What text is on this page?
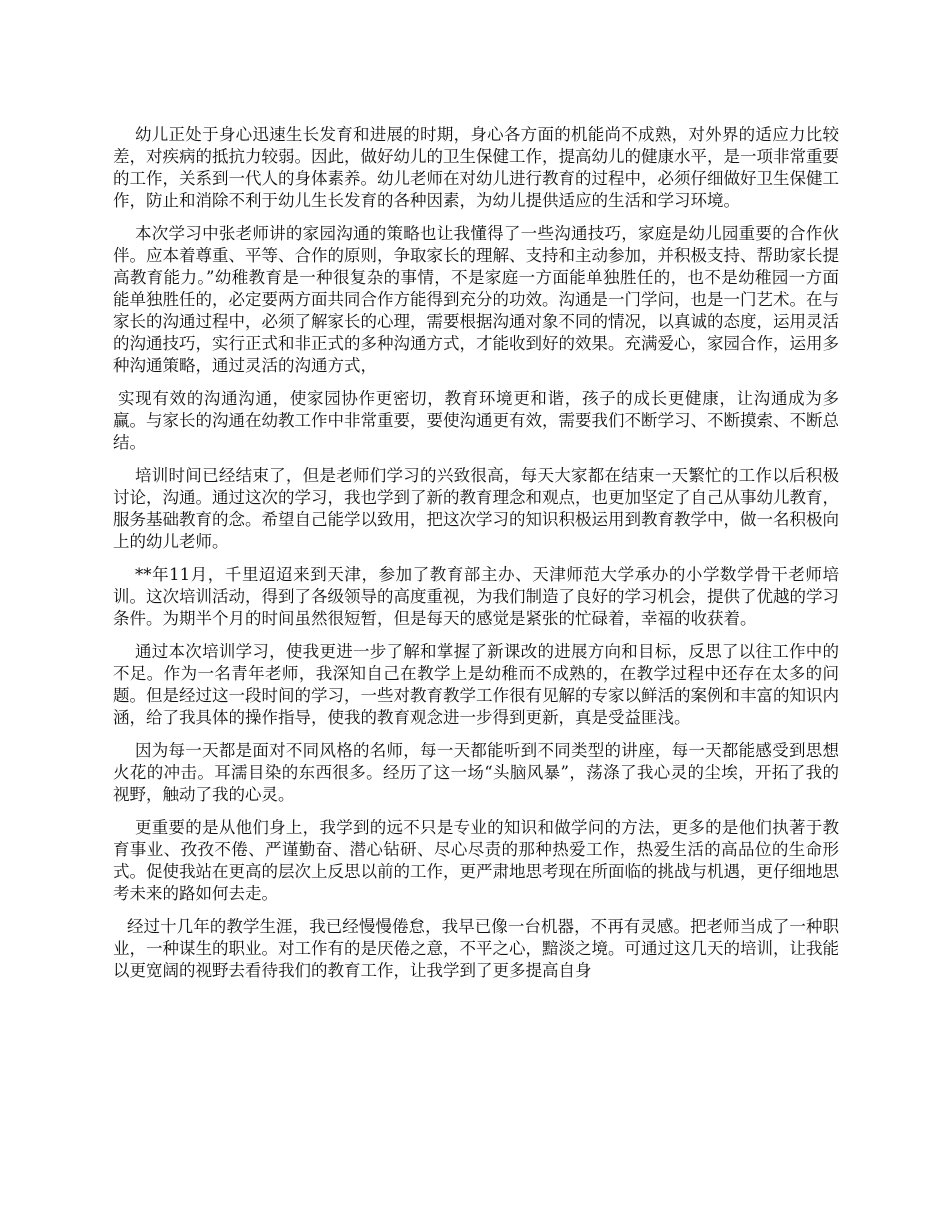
幼儿正处于身心迅速生长发育和进展的时期，身心各方面的机能尚不成熟，对外界的适应力比较差，对疾病的抵抗力较弱。因此，做好幼儿的卫生保健工作，提高幼儿的健康水平，是一项非常重要的工作，关系到一代人的身体素养。幼儿老师在对幼儿进行教育的过程中，必须仔细做好卫生保健工作，防止和消除不利于幼儿生长发育的各种因素，为幼儿提供适应的生活和学习环境。

本次学习中张老师讲的家园沟通的策略也让我懂得了一些沟通技巧，家庭是幼儿园重要的合作伙伴。应本着尊重、平等、合作的原则，争取家长的理解、支持和主动参加，并积极支持、帮助家长提高教育能力。”幼稚教育是一种很复杂的事情，不是家庭一方面能单独胜任的，也不是幼稚园一方面能单独胜任的，必定要两方面共同合作方能得到充分的功效。沟通是一门学问，也是一门艺术。在与家长的沟通过程中，必须了解家长的心理，需要根据沟通对象不同的情况，以真诚的态度，运用灵活的沟通技巧，实行正式和非正式的多种沟通方式，才能收到好的效果。充满爱心，家园合作，运用多种沟通策略，通过灵活的沟通方式，

实现有效的沟通沟通，使家园协作更密切，教育环境更和谐，孩子的成长更健康，让沟通成为多赢。与家长的沟通在幼教工作中非常重要，要使沟通更有效，需要我们不断学习、不断摸索、不断总结。

培训时间已经结束了，但是老师们学习的兴致很高，每天大家都在结束一天繁忙的工作以后积极讨论，沟通。通过这次的学习，我也学到了新的教育理念和观点，也更加坚定了自己从事幼儿教育，服务基础教育的念。希望自己能学以致用，把这次学习的知识积极运用到教育教学中，做一名积极向上的幼儿老师。

**年11月，千里迢迢来到天津，参加了教育部主办、天津师范大学承办的小学数学骨干老师培训。这次培训活动，得到了各级领导的高度重视，为我们制造了良好的学习机会，提供了优越的学习条件。为期半个月的时间虽然很短暂，但是每天的感觉是紧张的忙碌着，幸福的收获着。

通过本次培训学习，使我更进一步了解和掌握了新课改的进展方向和目标，反思了以往工作中的不足。作为一名青年老师，我深知自己在教学上是幼稚而不成熟的，在教学过程中还存在太多的问题。但是经过这一段时间的学习，一些对教育教学工作很有见解的专家以鲜活的案例和丰富的知识内涵，给了我具体的操作指导，使我的教育观念进一步得到更新，真是受益匪浅。

因为每一天都是面对不同风格的名师，每一天都能听到不同类型的讲座，每一天都能感受到思想火花的冲击。耳濡目染的东西很多。经历了这一场“头脑风暴”，荡涤了我心灵的尘埃，开拓了我的视野，触动了我的心灵。

更重要的是从他们身上，我学到的远不只是专业的知识和做学问的方法，更多的是他们执著于教育事业、孜孜不倦、严谨勤奋、潜心钻研、尽心尽责的那种热爱工作，热爱生活的高品位的生命形式。促使我站在更高的层次上反思以前的工作，更严肃地思考现在所面临的挑战与机遇，更仔细地思考未来的路如何去走。

经过十几年的教学生涯，我已经慢慢倦怠，我早已像一台机器，不再有灵感。把老师当成了一种职业，一种谋生的职业。对工作有的是厌倦之意，不平之心，黯淡之境。可通过这几天的培训，让我能以更宽阔的视野去看待我们的教育工作，让我学到了更多提高自身
